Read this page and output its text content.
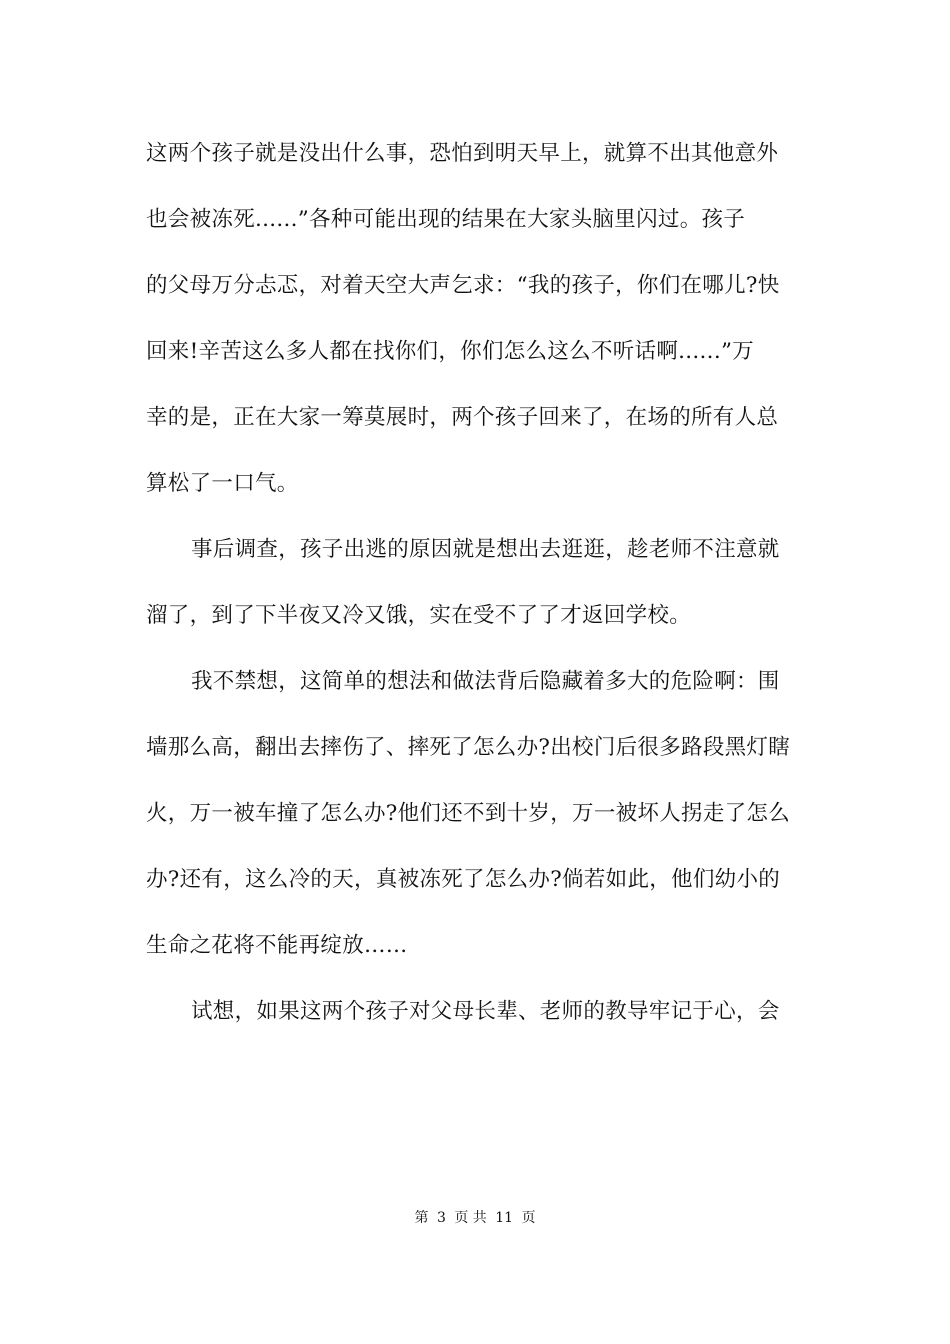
这两个孩子就是没出什么事，恐怕到明天早上，就算不出其他意外
也会被冻死......”各种可能出现的结果在大家头脑里闪过。孩子
的父母万分忐忑，对着天空大声乞求：“我的孩子，你们在哪儿?快
回来!辛苦这么多人都在找你们，你们怎么这么不听话啊......”万
幸的是，正在大家一筹莫展时，两个孩子回来了，在场的所有人总
算松了一口气。
事后调查，孩子出逃的原因就是想出去逛逛，趁老师不注意就
溜了，到了下半夜又冷又饿，实在受不了了才返回学校。
我不禁想，这简单的想法和做法背后隐藏着多大的危险啊：围
墙那么高，翻出去摔伤了、摔死了怎么办?出校门后很多路段黑灯瞎
火，万一被车撞了怎么办?他们还不到十岁，万一被坏人拐走了怎么
办?还有，这么冷的天，真被冻死了怎么办?倘若如此，他们幼小的
生命之花将不能再绽放……
试想，如果这两个孩子对父母长辈、老师的教导牢记于心，会
第 3 页 共 11 页
